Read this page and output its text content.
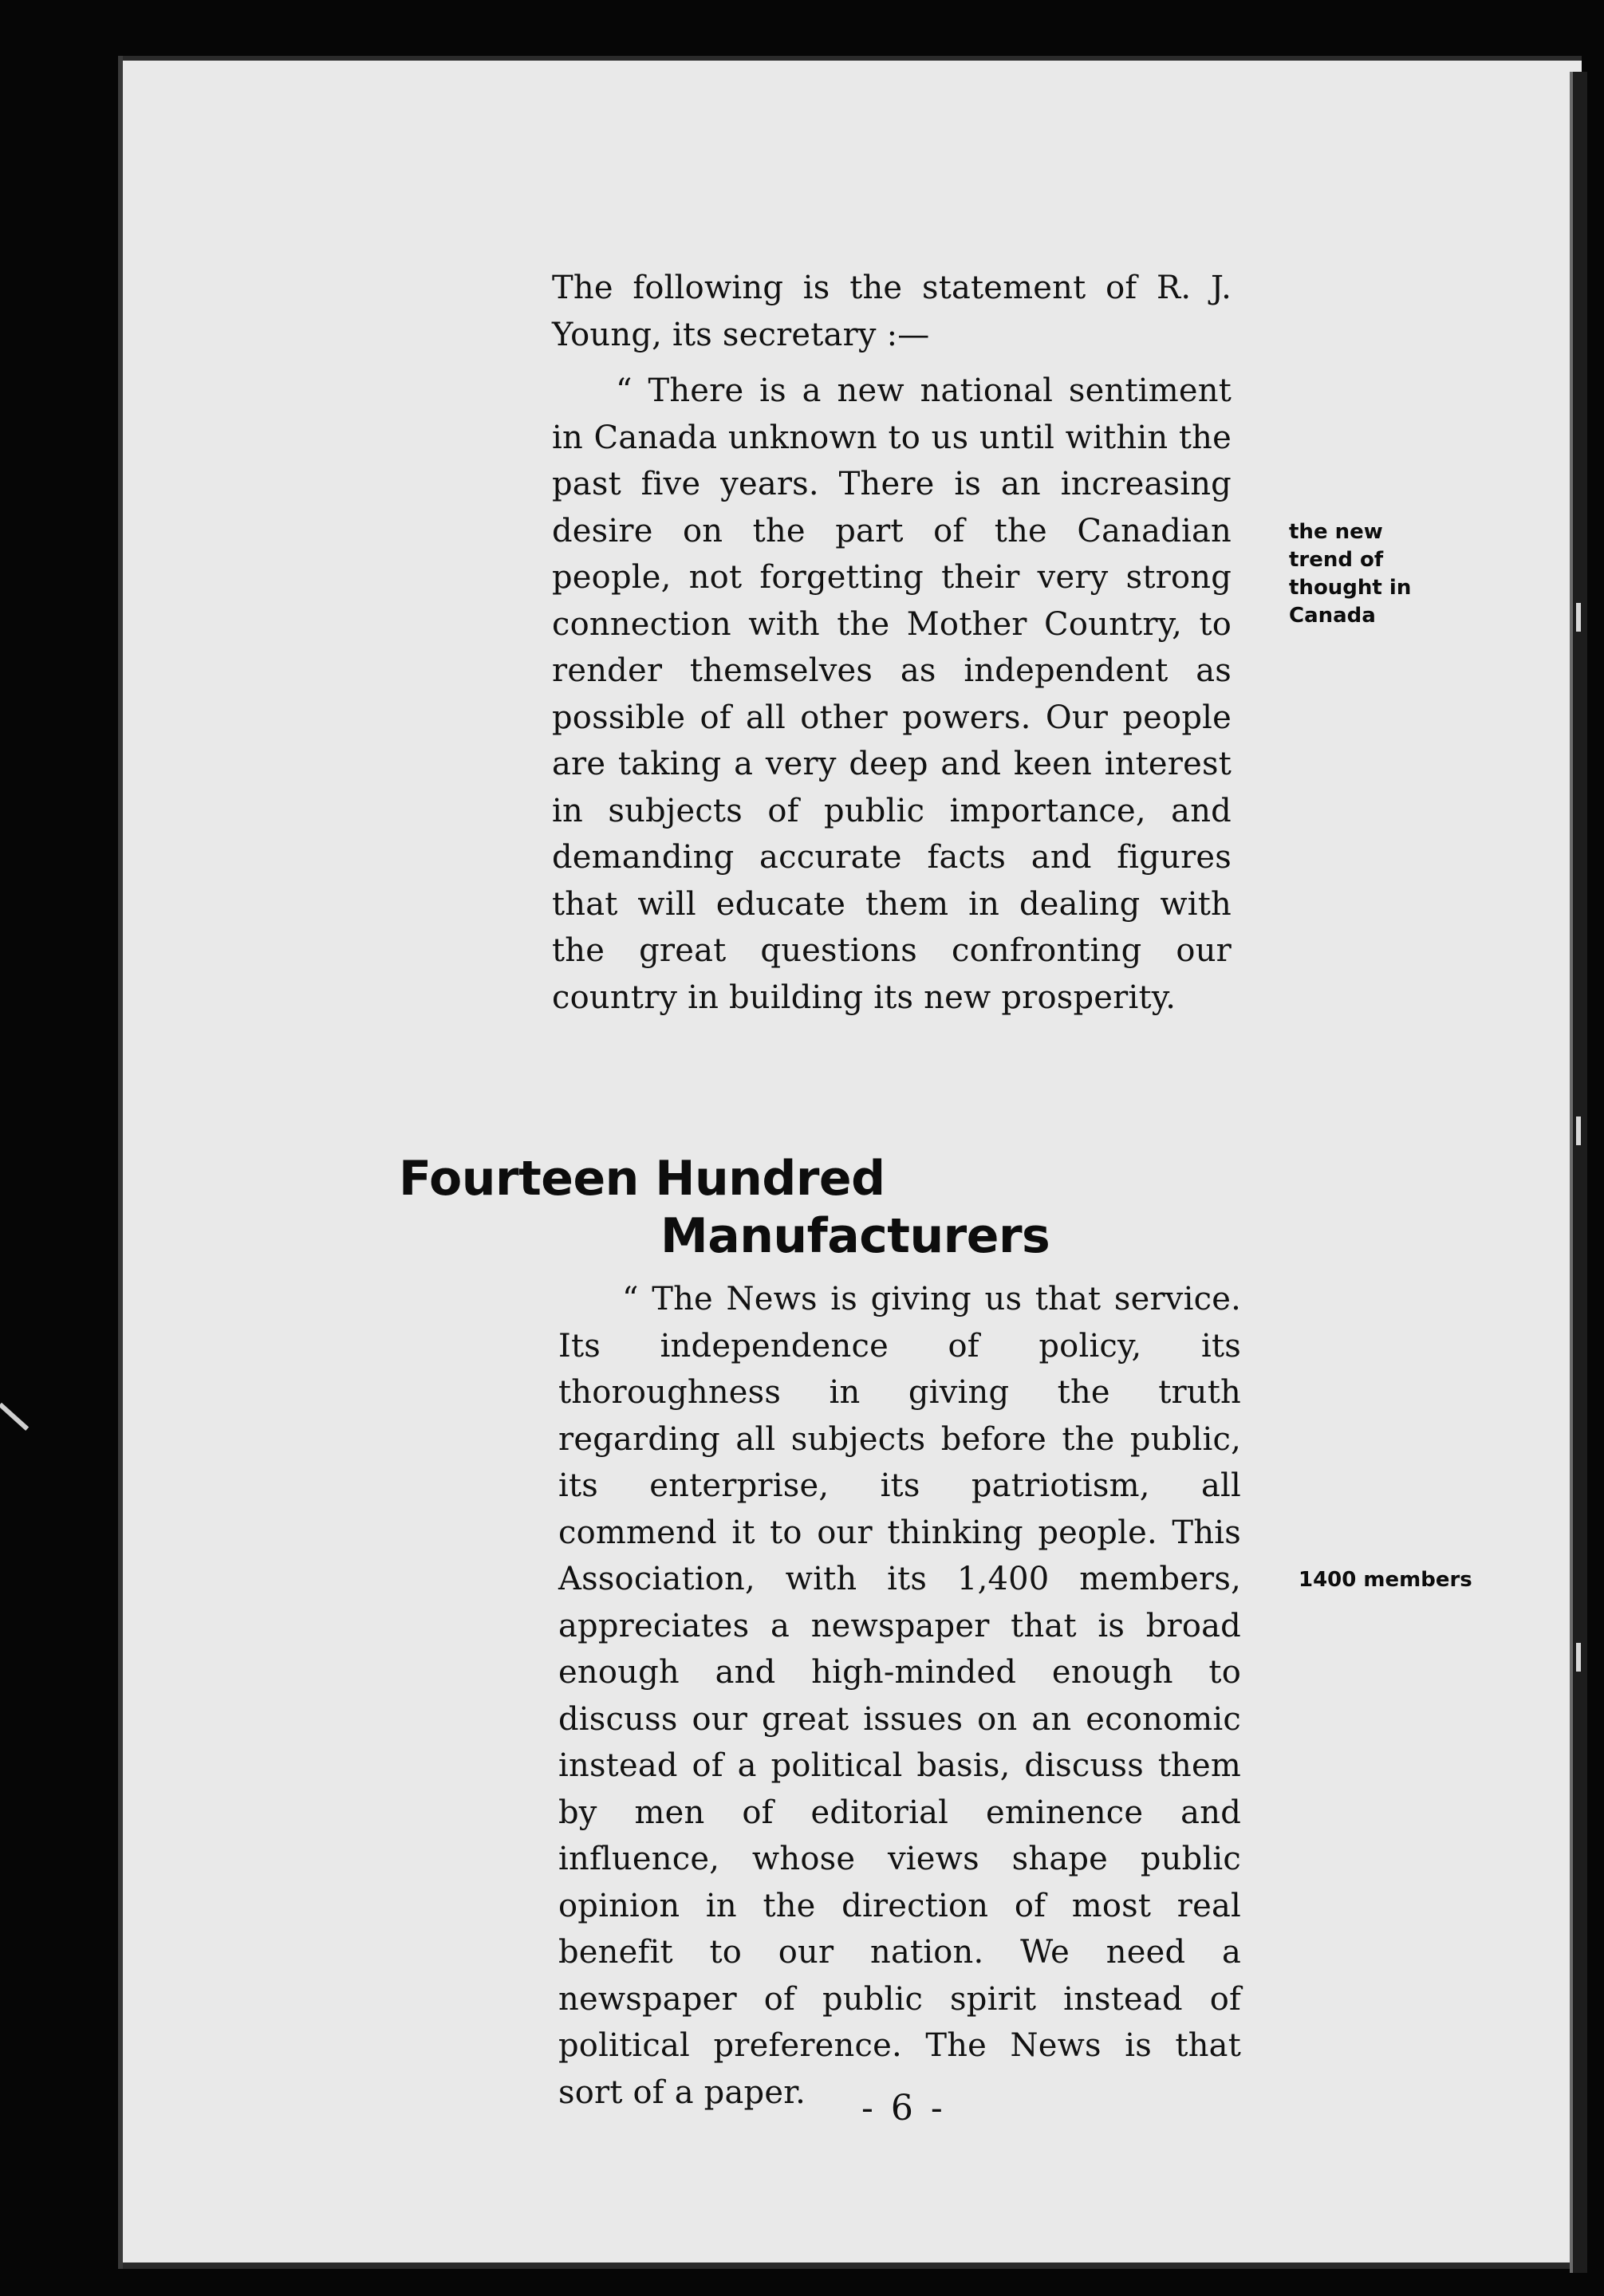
The following is the statement of R. J. Young, its secretary :—

“ There is a new national sentiment in Canada unknown to us until within the past five years. There is an increasing desire on the part of the Canadian people, not forgetting their very strong connection with the Mother Country, to render themselves as independent as possible of all other powers. Our people are taking a very deep and keen interest in subjects of public importance, and demanding accurate facts and figures that will educate them in dealing with the great questions confronting our country in building its new prosperity.

the new trend of thought in Canada
Fourteen Hundred
Manufacturers

“ The News is giving us that service. Its independence of policy, its thoroughness in giving the truth regarding all subjects before the public, its enterprise, its patriotism, all commend it to our thinking people. This Association, with its 1,400 members, appreciates a newspaper that is broad enough and high-minded enough to discuss our great issues on an economic instead of a political basis, discuss them by men of editorial eminence and influence, whose views shape public opinion in the direction of most real benefit to our nation. We need a newspaper of public spirit instead of political preference. The News is that sort of a paper.

1400 members
- 6 -
